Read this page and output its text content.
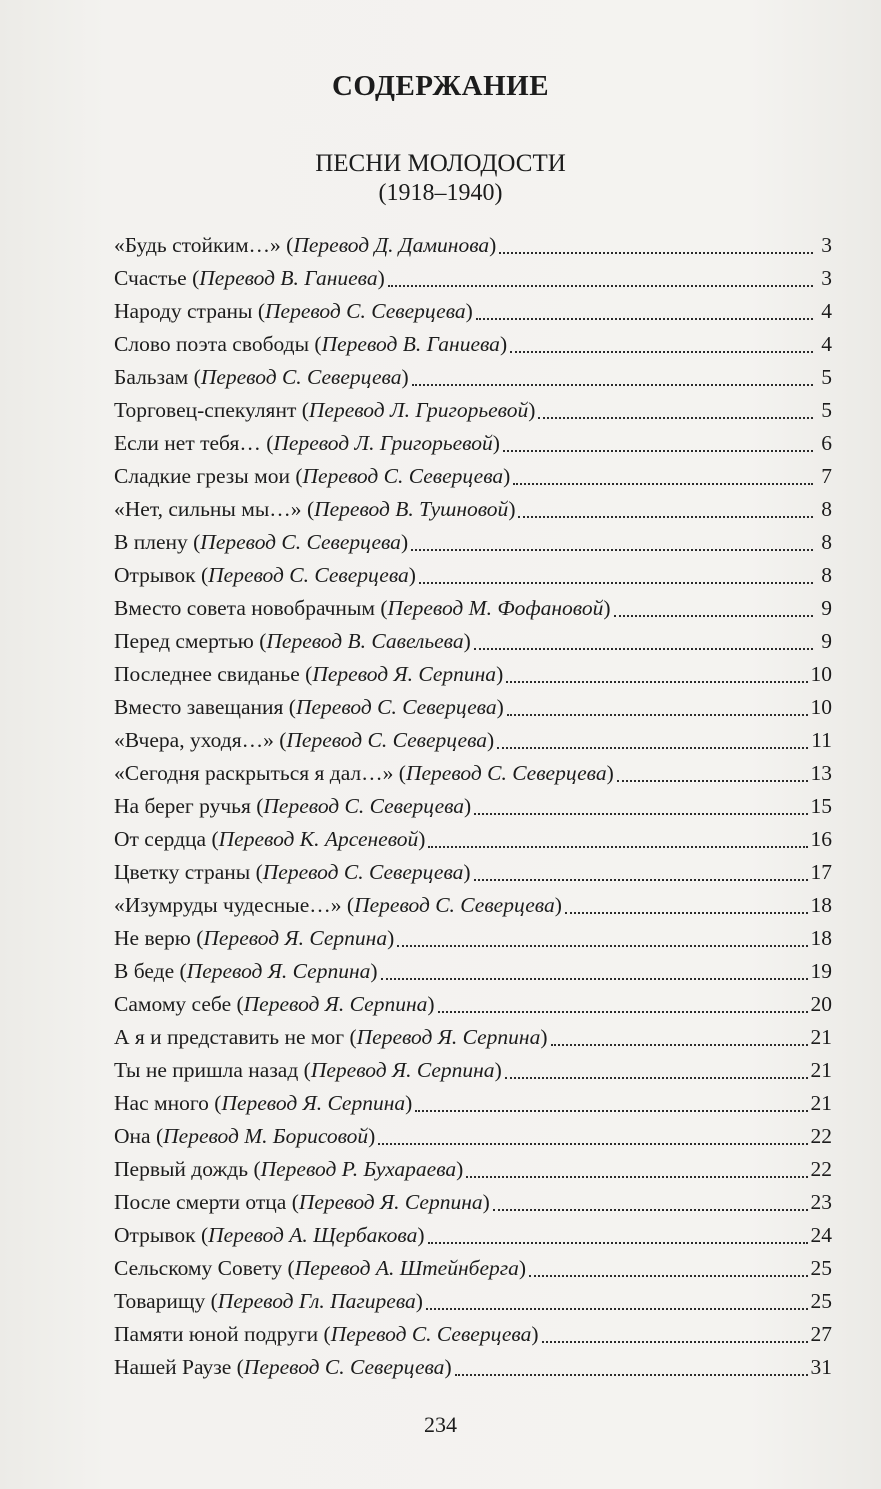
СОДЕРЖАНИЕ
ПЕСНИ МОЛОДОСТИ
(1918–1940)
«Будь стойким…» (Перевод Д. Даминова)	3
Счастье (Перевод В. Ганиева)	3
Народу страны (Перевод С. Северцева)	4
Слово поэта свободы (Перевод В. Ганиева)	4
Бальзам (Перевод С. Северцева)	5
Торговец-спекулянт (Перевод Л. Григорьевой)	5
Если нет тебя… (Перевод Л. Григорьевой)	6
Сладкие грезы мои (Перевод С. Северцева)	7
«Нет, сильны мы…» (Перевод В. Тушновой)	8
В плену (Перевод С. Северцева)	8
Отрывок (Перевод С. Северцева)	8
Вместо совета новобрачным (Перевод М. Фофановой)	9
Перед смертью (Перевод В. Савельева)	9
Последнее свиданье (Перевод Я. Серпина)	10
Вместо завещания (Перевод С. Северцева)	10
«Вчера, уходя…» (Перевод С. Северцева)	11
«Сегодня раскрыться я дал…» (Перевод С. Северцева)	13
На берег ручья (Перевод С. Северцева)	15
От сердца (Перевод К. Арсеневой)	16
Цветку страны (Перевод С. Северцева)	17
«Изумруды чудесные…» (Перевод С. Северцева)	18
Не верю (Перевод Я. Серпина)	18
В беде (Перевод Я. Серпина)	19
Самому себе (Перевод Я. Серпина)	20
А я и представить не мог (Перевод Я. Серпина)	21
Ты не пришла назад (Перевод Я. Серпина)	21
Нас много (Перевод Я. Серпина)	21
Она (Перевод М. Борисовой)	22
Первый дождь (Перевод Р. Бухараева)	22
После смерти отца (Перевод Я. Серпина)	23
Отрывок (Перевод А. Щербакова)	24
Сельскому Совету (Перевод А. Штейнберга)	25
Товарищу (Перевод Гл. Пагирева)	25
Памяти юной подруги (Перевод С. Северцева)	27
Нашей Раузе (Перевод С. Северцева)	31
234
